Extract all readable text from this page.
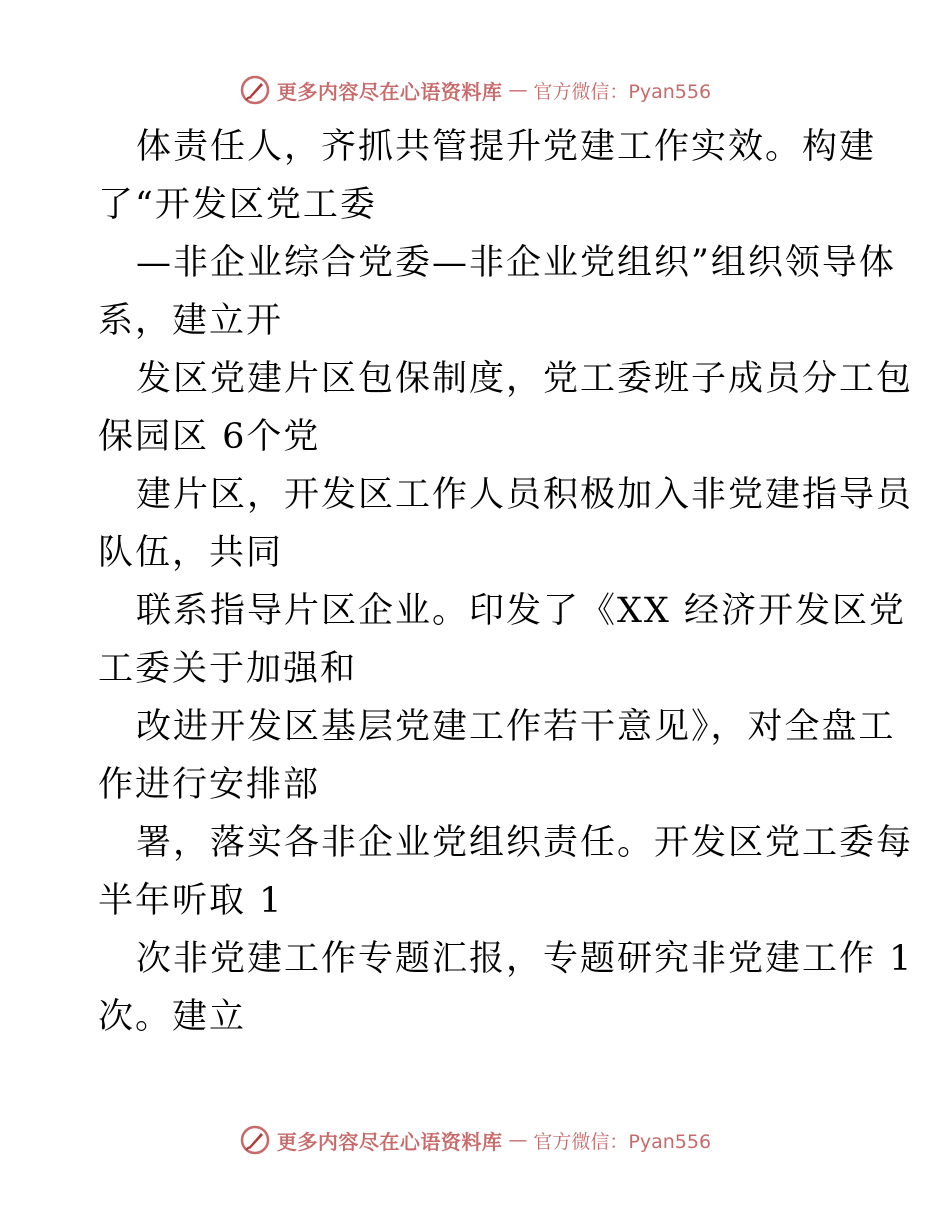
更多内容尽在心语资料库 — 官方微信：Pyan556
体责任人，齐抓共管提升党建工作实效。构建
了“开发区党工委
—非企业综合党委—非企业党组织”组织领导体
系，建立开
发区党建片区包保制度，党工委班子成员分工包
保园区 6个党
建片区，开发区工作人员积极加入非党建指导员
队伍，共同
联系指导片区企业。印发了《XX 经济开发区党
工委关于加强和
改进开发区基层党建工作若干意见》，对全盘工
作进行安排部
署，落实各非企业党组织责任。开发区党工委每
半年听取 1
次非党建工作专题汇报，专题研究非党建工作 1
次。建立
更多内容尽在心语资料库 — 官方微信：Pyan556
